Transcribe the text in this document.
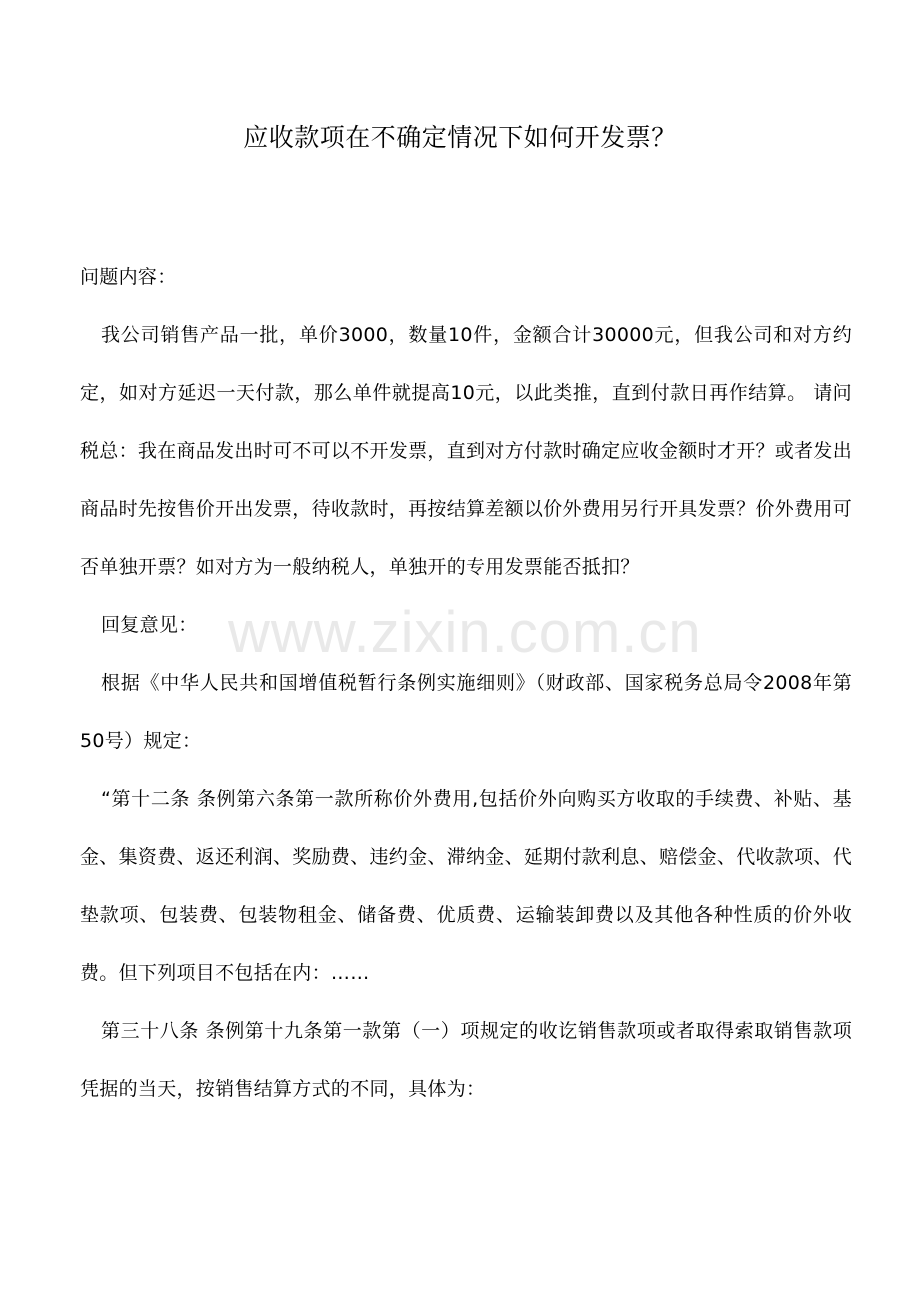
www.zixin.com.cn
应收款项在不确定情况下如何开发票？

问题内容：

我公司销售产品一批，单价3000，数量10件，金额合计30000元，但我公司和对方约定，如对方延迟一天付款，那么单件就提高10元，以此类推，直到付款日再作结算。 请问税总：我在商品发出时可不可以不开发票，直到对方付款时确定应收金额时才开？或者发出商品时先按售价开出发票，待收款时，再按结算差额以价外费用另行开具发票？价外费用可否单独开票？如对方为一般纳税人，单独开的专用发票能否抵扣？

回复意见：

根据《中华人民共和国增值税暂行条例实施细则》（财政部、国家税务总局令2008年第50号）规定：

“第十二条 条例第六条第一款所称价外费用,包括价外向购买方收取的手续费、补贴、基金、集资费、返还利润、奖励费、违约金、滞纳金、延期付款利息、赔偿金、代收款项、代垫款项、包装费、包装物租金、储备费、优质费、运输装卸费以及其他各种性质的价外收费。但下列项目不包括在内：……

第三十八条 条例第十九条第一款第（一）项规定的收讫销售款项或者取得索取销售款项凭据的当天，按销售结算方式的不同，具体为：
